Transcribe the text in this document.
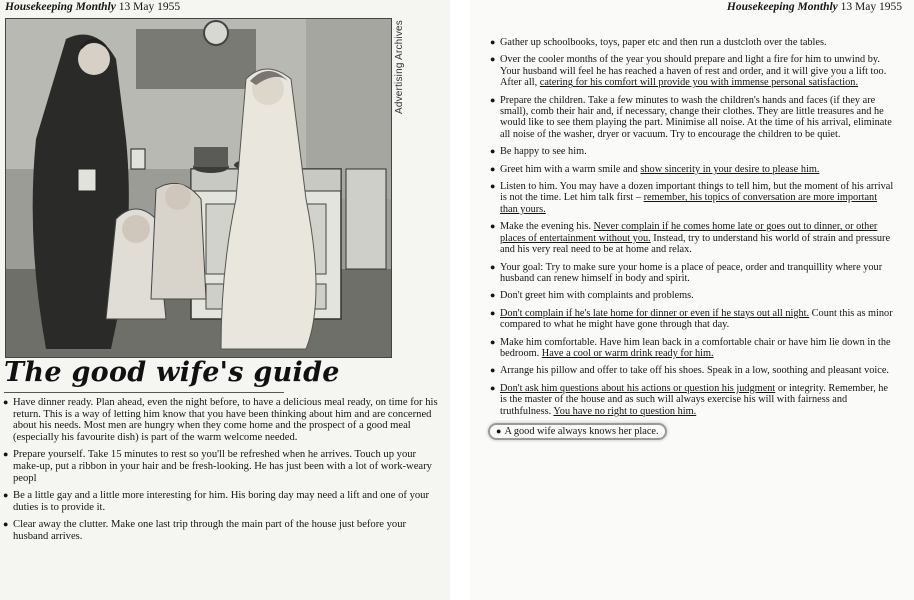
Housekeeping Monthly 13 May 1955
Advertising Archives
The good wife's guide
● Have dinner ready. Plan ahead, even the night before, to have a delicious meal ready, on time for his return. This is a way of letting him know that you have been thinking about him and are concerned about his needs. Most men are hungry when they come home and the prospect of a good meal (especially his favourite dish) is part of the warm welcome needed.
● Prepare yourself. Take 15 minutes to rest so you'll be refreshed when he arrives. Touch up your make-up, put a ribbon in your hair and be fresh-looking. He has just been with a lot of work-weary peopl
● Be a little gay and a little more interesting for him. His boring day may need a lift and one of your duties is to provide it.
● Clear away the clutter. Make one last trip through the main part of the house just before your husband arrives.
Housekeeping Monthly 13 May 1955
● Gather up schoolbooks, toys, paper etc and then run a dustcloth over the tables.
● Over the cooler months of the year you should prepare and light a fire for him to unwind by. Your husband will feel he has reached a haven of rest and order, and it will give you a lift too. After all, catering for his comfort will provide you with immense personal satisfaction.
● Prepare the children. Take a few minutes to wash the children's hands and faces (if they are small), comb their hair and, if necessary, change their clothes. They are little treasures and he would like to see them playing the part. Minimise all noise. At the time of his arrival, eliminate all noise of the washer, dryer or vacuum. Try to encourage the children to be quiet.
● Be happy to see him.
● Greet him with a warm smile and show sincerity in your desire to please him.
● Listen to him. You may have a dozen important things to tell him, but the moment of his arrival is not the time. Let him talk first – remember, his topics of conversation are more important than yours.
● Make the evening his. Never complain if he comes home late or goes out to dinner, or other places of entertainment without you. Instead, try to understand his world of strain and pressure and his very real need to be at home and relax.
● Your goal: Try to make sure your home is a place of peace, order and tranquillity where your husband can renew himself in body and spirit.
● Don't greet him with complaints and problems.
● Don't complain if he's late home for dinner or even if he stays out all night. Count this as minor compared to what he might have gone through that day.
● Make him comfortable. Have him lean back in a comfortable chair or have him lie down in the bedroom. Have a cool or warm drink ready for him.
● Arrange his pillow and offer to take off his shoes. Speak in a low, soothing and pleasant voice.
● Don't ask him questions about his actions or question his judgment or integrity. Remember, he is the master of the house and as such will always exercise his will with fairness and truthfulness. You have no right to question him.
● A good wife always knows her place.
